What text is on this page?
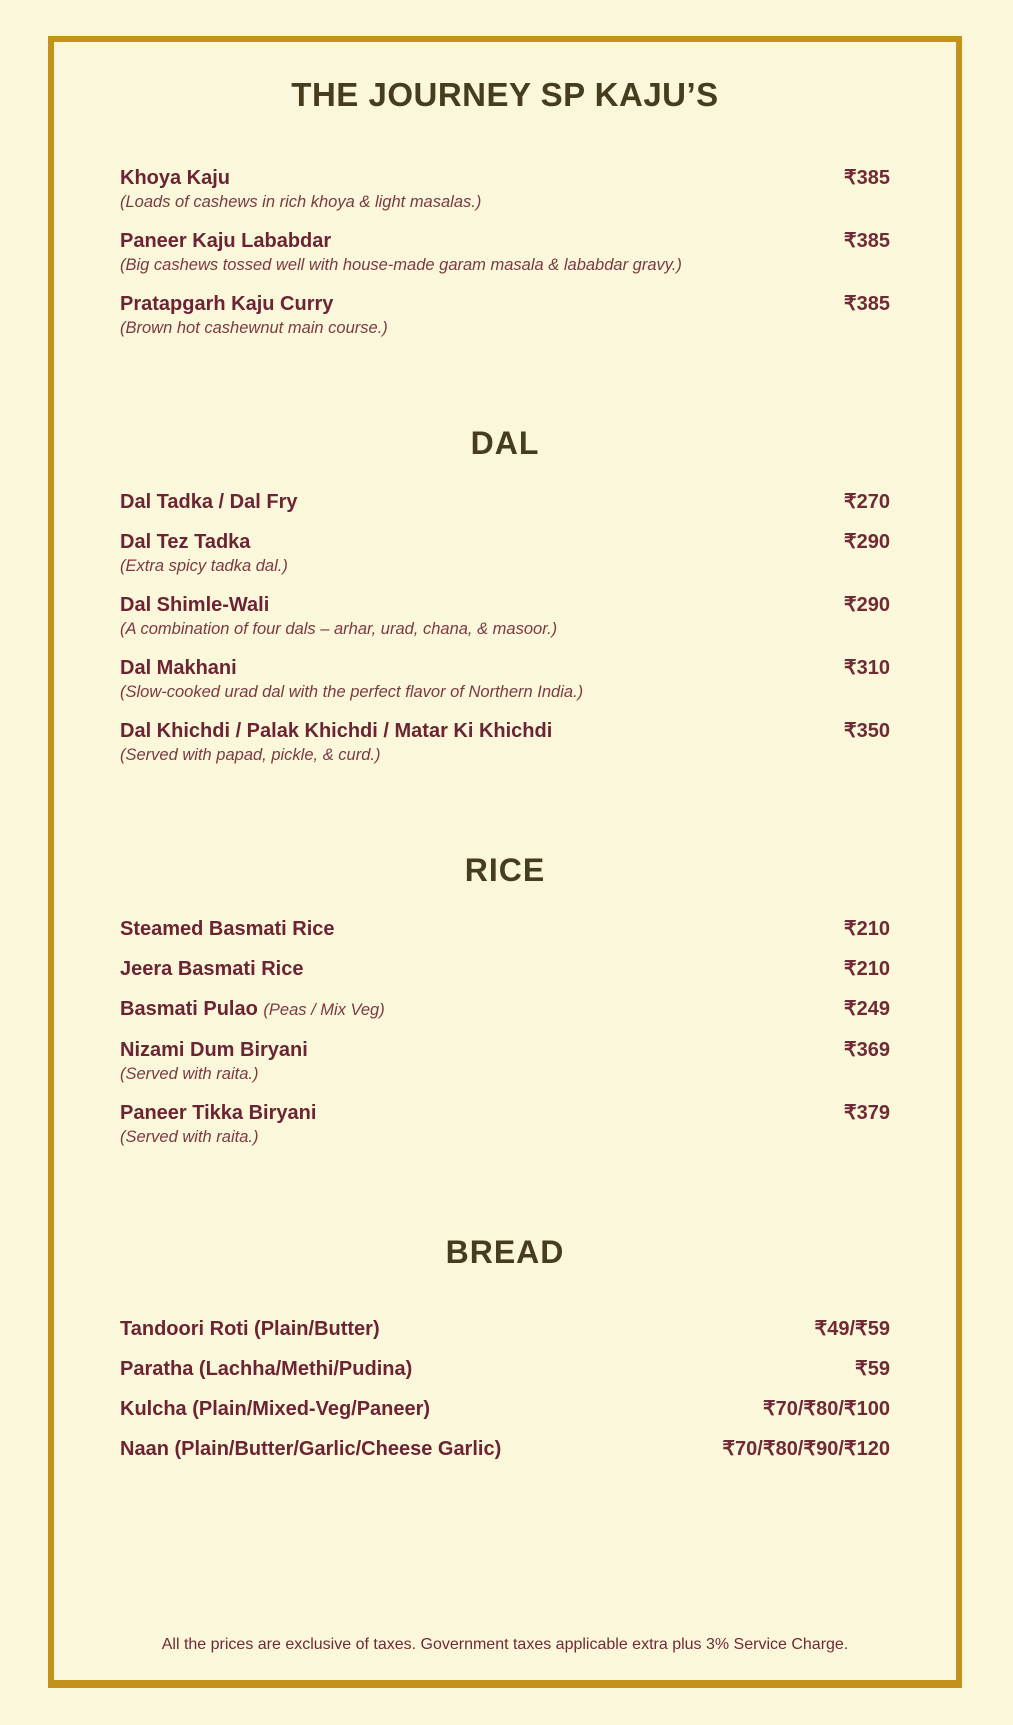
THE JOURNEY SP KAJU’S
Khoya Kaju
(Loads of cashews in rich khoya & light masalas.)
₹385
Paneer Kaju Lababdar
(Big cashews tossed well with house-made garam masala & lababdar gravy.)
₹385
Pratapgarh Kaju Curry
(Brown hot cashewnut main course.)
₹385
DAL
Dal Tadka / Dal Fry	₹270
Dal Tez Tadka
(Extra spicy tadka dal.)
₹290
Dal Shimle-Wali
(A combination of four dals – arhar, urad, chana, & masoor.)
₹290
Dal Makhani
(Slow-cooked urad dal with the perfect flavor of Northern India.)
₹310
Dal Khichdi / Palak Khichdi / Matar Ki Khichdi
(Served with papad, pickle, & curd.)
₹350
RICE
Steamed Basmati Rice	₹210
Jeera Basmati Rice	₹210
Basmati Pulao (Peas / Mix Veg)	₹249
Nizami Dum Biryani
(Served with raita.)
₹369
Paneer Tikka Biryani
(Served with raita.)
₹379
BREAD
Tandoori Roti (Plain/Butter)	₹49/₹59
Paratha (Lachha/Methi/Pudina)	₹59
Kulcha (Plain/Mixed-Veg/Paneer)	₹70/₹80/₹100
Naan (Plain/Butter/Garlic/Cheese Garlic)	₹70/₹80/₹90/₹120
All the prices are exclusive of taxes. Government taxes applicable extra plus 3% Service Charge.
